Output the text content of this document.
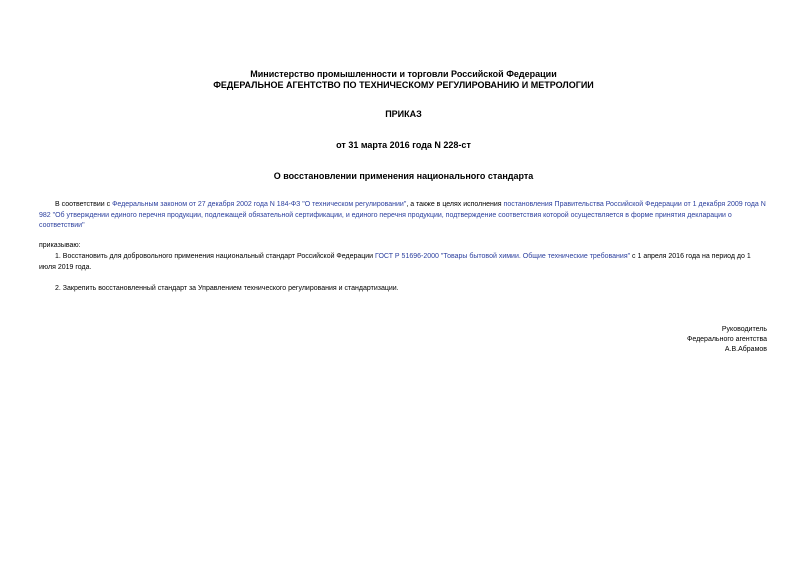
Министерство промышленности и торговли Российской Федерации
ФЕДЕРАЛЬНОЕ АГЕНТСТВО ПО ТЕХНИЧЕСКОМУ РЕГУЛИРОВАНИЮ И МЕТРОЛОГИИ
ПРИКАЗ
от 31 марта 2016 года N 228-ст
О восстановлении применения национального стандарта
В соответствии с Федеральным законом от 27 декабря 2002 года N 184-ФЗ "О техническом регулировании", а также в целях исполнения постановления Правительства Российской Федерации от 1 декабря 2009 года N 982 "Об утверждении единого перечня продукции, подлежащей обязательной сертификации, и единого перечня продукции, подтверждение соответствия которой осуществляется в форме принятия декларации о соответствии"
приказываю:
1. Восстановить для добровольного применения национальный стандарт Российской Федерации ГОСТ Р 51696-2000 "Товары бытовой химии. Общие технические требования" с 1 апреля 2016 года на период до 1 июля 2019 года.
2. Закрепить восстановленный стандарт за Управлением технического регулирования и стандартизации.
Руководитель
Федерального агентства
А.В.Абрамов
